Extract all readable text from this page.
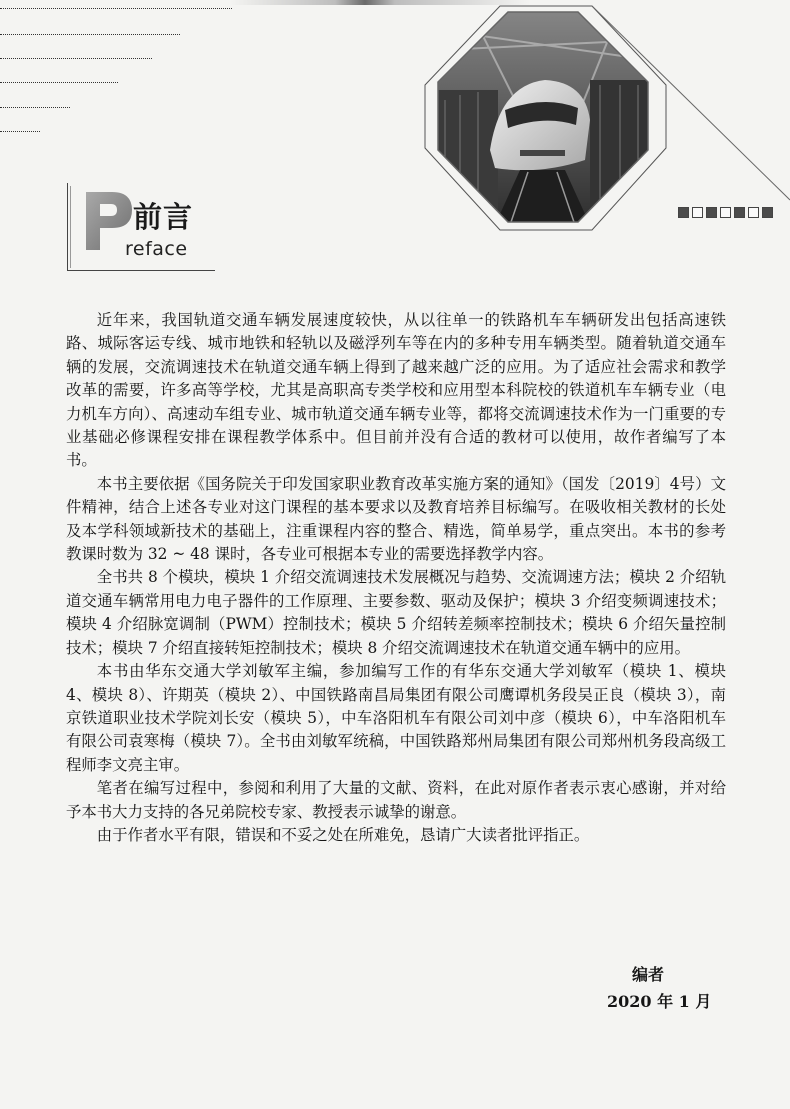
前言
reface

近年来，我国轨道交通车辆发展速度较快，从以往单一的铁路机车车辆研发出包括高速铁路、城际客运专线、城市地铁和轻轨以及磁浮列车等在内的多种专用车辆类型。随着轨道交通车辆的发展，交流调速技术在轨道交通车辆上得到了越来越广泛的应用。为了适应社会需求和教学改革的需要，许多高等学校，尤其是高职高专类学校和应用型本科院校的铁道机车车辆专业（电力机车方向）、高速动车组专业、城市轨道交通车辆专业等，都将交流调速技术作为一门重要的专业基础必修课程安排在课程教学体系中。但目前并没有合适的教材可以使用，故作者编写了本书。

本书主要依据《国务院关于印发国家职业教育改革实施方案的通知》（国发〔2019〕4号）文件精神，结合上述各专业对这门课程的基本要求以及教育培养目标编写。在吸收相关教材的长处及本学科领域新技术的基础上，注重课程内容的整合、精选，简单易学，重点突出。本书的参考教课时数为 32 ~ 48 课时，各专业可根据本专业的需要选择教学内容。

全书共 8 个模块，模块 1 介绍交流调速技术发展概况与趋势、交流调速方法；模块 2 介绍轨道交通车辆常用电力电子器件的工作原理、主要参数、驱动及保护；模块 3 介绍变频调速技术；模块 4 介绍脉宽调制（PWM）控制技术；模块 5 介绍转差频率控制技术；模块 6 介绍矢量控制技术；模块 7 介绍直接转矩控制技术；模块 8 介绍交流调速技术在轨道交通车辆中的应用。

本书由华东交通大学刘敏军主编，参加编写工作的有华东交通大学刘敏军（模块 1、模块 4、模块 8）、许期英（模块 2）、中国铁路南昌局集团有限公司鹰谭机务段吴正良（模块 3），南京铁道职业技术学院刘长安（模块 5），中车洛阳机车有限公司刘中彦（模块 6），中车洛阳机车有限公司袁寒梅（模块 7）。全书由刘敏军统稿，中国铁路郑州局集团有限公司郑州机务段高级工程师李文亮主审。

笔者在编写过程中，参阅和利用了大量的文献、资料，在此对原作者表示衷心感谢，并对给予本书大力支持的各兄弟院校专家、教授表示诚挚的谢意。

由于作者水平有限，错误和不妥之处在所难免，恳请广大读者批评指正。

编者
2020 年 1 月
